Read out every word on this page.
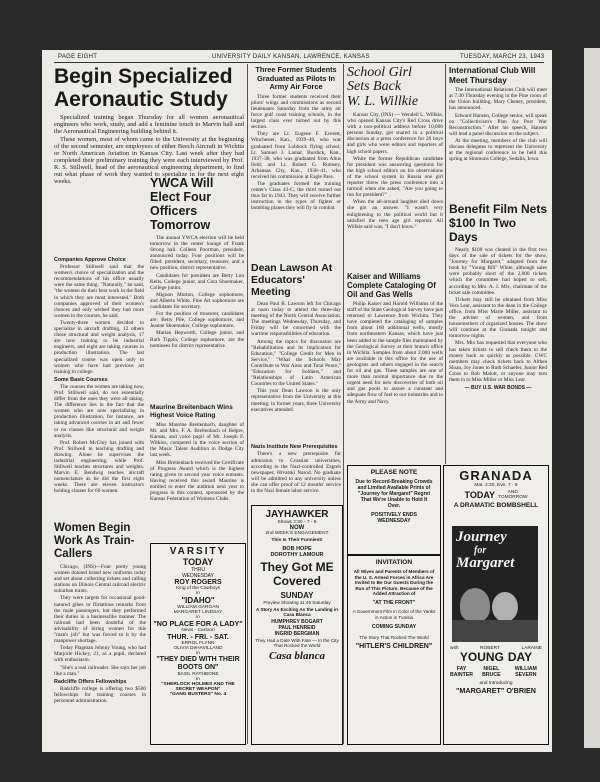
PAGE EIGHT	UNIVERSITY DAILY KANSAN, LAWRENCE, KANSAS	TUESDAY, MARCH 23, 1943
Begin Specialized
Aeronautic Study

Specialized training began Thursday for all women aeronautical engineers who work, study, and add a feminine touch to Marvin hall and the Aeronautical Engineering building behind it.

These women, most of whom came to the University at the beginning of the second semester, are employees of either Beech Aircraft in Wichita or North American Aviation in Kansas City. Last week after they had completed their preliminary training they were each interviewed by Prof. R. S. Stillwell, head of the aeronautical engineering department, to find out what phase of work they wanted to specialize in for the next eight weeks.

Companies Approve Choice

Professor Stillwell said that the women's choice of specialization and the recommendations of his office usually were the same thing. "Naturally," he said, "the women do their best work in the field in which they are most interested." Both companies approved of their women's choices and only wished they had more women in the courses, he said.

Twenty-three women decided to specialize in aircraft drafting, 12 others chose structural and weight analysis, 17 are now training to be industrial engineers, and eight are taking courses in production illustration. The last specialized course was open only to women who have had previous art training in college.

Some Basic Courses

The courses the women are taking now, Prof. Stillwell said, do not essentially differ from the ones they were all taking. The difference lies in the fact that the women who are now specializing in production illustration, for instance, are taking advanced courses in art and fewer or no classes like structural and weight analysis.

Prof. Robert McCloy has joined with Prof. Stillwell in teaching drafting and drawing. Alone he supervises the industrial engineering, while Prof. Stillwell teaches structures and weights. Marvin E. Bendwig teaches aircraft nomenclature as he did the first eight weeks. There are eleven instructors holding classes for 60 women.

YWCA Will Elect Four Officers Tomorrow

The annual YWCA election will be held tomorrow in the center lounge of Frank Strong hall. Colleen Poorman, president, announced today. Four positions will be filled: president, secretary, treasurer, and a new position, district representative.

Candidates for president are Betty Lou Kelts, College junior, and Cora Shoemaker, College junior.

Mignon Morton, College sophomore, and Alberta White, Fine Art sophomore are candidates for secretary.

For the position of treasurer, candidates are: Betty Pile, College sophomore, and Jeanne Shoemaker, College sophomore.

Marian Hepworth, College junior, and Ruth Tippin, College sophomore, are the nominees for district representative.

Maurine Breitenbach Wins Highest Voice Rating

Miss Maurine Breitenbach, daughter of Mr. and Mrs. F. A. Breitenbach of Belpre, Kansas, and voice pupil of Mr. Joseph F. Wilkins, competed in the voice section of the Music Talent Audition in Dodge City last week.

Miss Breitenbach received the Certificate of Progress Award which is the highest rating given to second year voice entrants. Having received this award Maurine is entitled to enter the audition next year to progress in this contest, sponsored by the Kansas Federation of Womens Clubs.

Women Begin Work As Train-Callers

Chicago, (INS)—Four pretty young women donned brand new uniforms today and set about collecting tickets and calling stations on Illinois Central railroad electric suburban trains.

They were targets for occasional good-natured gibes or flirtatious remarks from the male passengers, but they performed their duties in a businesslike manner. The railroad had been doubtful of the advisability of hiring women for this "man's job" but was forced to it by the manpower shortage.

Today Plagman Johnny Young, who had Marjorie Hickey, 21, as a pupil, declared with enthusiasm:

"She's a real railroader. She says her job like a man."

Radcliffe Offers Fellowships

Radcliffe college is offering two $500 fellowships for training courses in personnel administration.

VARSITY
TODAY
THRU
WEDNESDAY
ROY ROGERS
King of the Cowboys
in
"IDAHO"
WILLIAM GARGAN
MARGARET LINDSAY
in
"NO PLACE FOR A LADY"
News - Cartoon
THUR. - FRI. - SAT.
ERROL FLYNN
OLIVIA DeHAVILLAND
in
"THEY DIED WITH THEIR BOOTS ON"
BASIL RATHBONE
in
"SHERLOCK HOLMES AND THE SECRET WEAPON"
"GANG BUSTERS" No. 4
Three Former Students Graduated as Pilots In Army Air Force

Three former students received their pilots' wings and commissions as second lieutenants Saturday from the army air force gulf coast training schools, in the largest class ever turned out by this section.

They are Lt. Eugene F. Everett, Winchester, Kan., 1939–40, who was graduated from Lubbock flying school; Lt. Samuel J. Lamar, Burdick, Kan., 1937–38, who was graduated from Altus field; and Lt. Robert G. Rumsey, Arkansas City, Kan., 1938–41, who received his commission at Eagle Pass.

The graduates formed the training center's Class 43-C, the third turned out thus far in 1943. They will receive further instruction in the types of fighter or bombing planes they will fly in combat.

Dean Lawson At Educators' Meeting

Dean Paul B. Lawson left for Chicago at noon today to attend the three-day meeting of the North Central Association. The meetings Wednesday, Thursday, and Friday will be concerned with the wartime responsibilities of education.

Among the topics for discussion are "Rehabilitation and its implication for Education," "College Credit for Men in Service," "What the Schools May Contribute to War Aims and Total Peace," "Education for Soldiers," and "Relationships of Latin American Countries to the United States."

This year Dean Lawson is the only representative from the University at this meeting; in former years, three University executives attended.

Nazis Institute New Prerequisites

There's a new prerequisite for admission to Croatian universities, according to the Nazi-controlled Zagreb newspaper, Hrvatski Narod. No graduate will be admitted to any university unless she can offer proof of 12 months' service in the Nazi female labor service.

JAYHAWKER
Shows 2:30 - 7 - 9
NOW
2nd WEEK'S ENGAGEMENT
This Is Their Funniest!
BOB HOPE
DOROTHY LAMOUR
They Got ME Covered
SUNDAY
Preview Showing 11:45 Saturday
A Story As Exciting As the Landing in Casa Blanca
HUMPHREY BOGART
PAUL HENREID
INGRID BERGMAN
They Had a Date With Fate — In the City That Rocked the World
Casa blanca
School Girl
Sets Back
W. L. Willkie

Kansas City, (INS) — Wendell L. Willkie, who opened Kansas City's Red Cross drive with a non-political address before 10,000 persons Sunday, got snared in a political discussion at a press conference for 20 boys and girls who were editors and reporters of high school papers.

While the former Republican candidate for president was answering questions for the high school editors on his observations of the school system in Russia one girl reporter threw the press conference into a turmoil when she asked, "Are you going to run for president?"

When the all-around laughter died down she got an answer. "I wasn't very enlightening to the political world but it satisfied the teen age girl reporter. All Willkie said was, "I don't know."

Kaiser and Williams Complete Cataloging Of Oil and Gas Wells

Philip Kaiser and Harold Williams of the staff of the State Geological Survey have just returned to Lawrence from Wichita. They have completed the cataloging of samples from about 160 additional wells, mostly from northeastern Kansas, which have just been added to the sample files maintained by the Geological Survey at their branch office in Wichita. Samples from about 2,000 wells are available in this office for the use of geologists and others engaged in the search for oil and gas. These samples are one of more than normal importance due to the urgent need for new discoveries of both oil and gas pools to assure a constant and adequate flow of fuel to our industries and to the Army and Navy.

International Club Will Meet Thursday

The International Relations Club will meet at 7:30 Thursday evening in the Pine room of the Union building, Mary Cheney, president, has announced.

Edward Hansen, College senior, will speak on "Collectivism's Plan for Post War Reconstruction." After his speech, Hansen will lead a panel discussion on the subject.

At the meeting, members of the club will discuss delegates to represent the University at the regional conference to be held this spring at Simmons College, Sedalia, Iowa.

Benefit Film Nets $100 In Two Days

Nearly $100 was cleared in the first two days of the sale of tickets for the show, "Journey for Margaret," adapted from the book by "Young Bill" White, although sales were probably short of the 2,000 tickets which the committee had hoped to sell, according to Mrs. A. J. Mix, chairman of the ticket sale committee.

Tickets may still be obtained from Miss Vera Lear, assistant to the dean in the College office, from Miss Marie Miller, assistant to the adviser of women, and from housemothers of organized houses. The show will continue at the Granada tonight and tomorrow nights.

Mrs. Mix has requested that everyone who has taken tickets to sell check them to the money back as quickly as possible. CWC members may check tickets back to Althea Sloan, Joy Jones to Ruth Schaefer, Junior Red Cross to Bob Malott, or anyone may turn them in to Miss Miller or Miss Lear.

— BUY U.S. WAR BONDS —
PLEASE NOTE
Due to Record-Breaking Crowds and Limited Available Prints of "Journey for Margaret" Regret That We're Unable to Hold It Over.
POSITIVELY ENDS WEDNESDAY
INVITATION
All Wives and Parents of Members of the U. S. Armed Forces in Africa Are Invited to Be Our Guests During the Run of This Picture. Because of the Added Attraction of
"AT THE FRONT"
A Government Film in Color of the Yanks in Action in Tunisia
COMING SUNDAY
The Story That Rocked The World
"HITLER'S CHILDREN"
GRANADA
Mat. 2:30, Eve. 7 - 9
TODAY	AND
TOMORROW
A DRAMATIC BOMBSHELL
Journey
for
Margaret
with	ROBERT	LARAINE
YOUNG DAY
FAY BAINTER
NIGEL BRUCE
WILLIAM SEVERN
and Introducing
"MARGARET" O'BRIEN
